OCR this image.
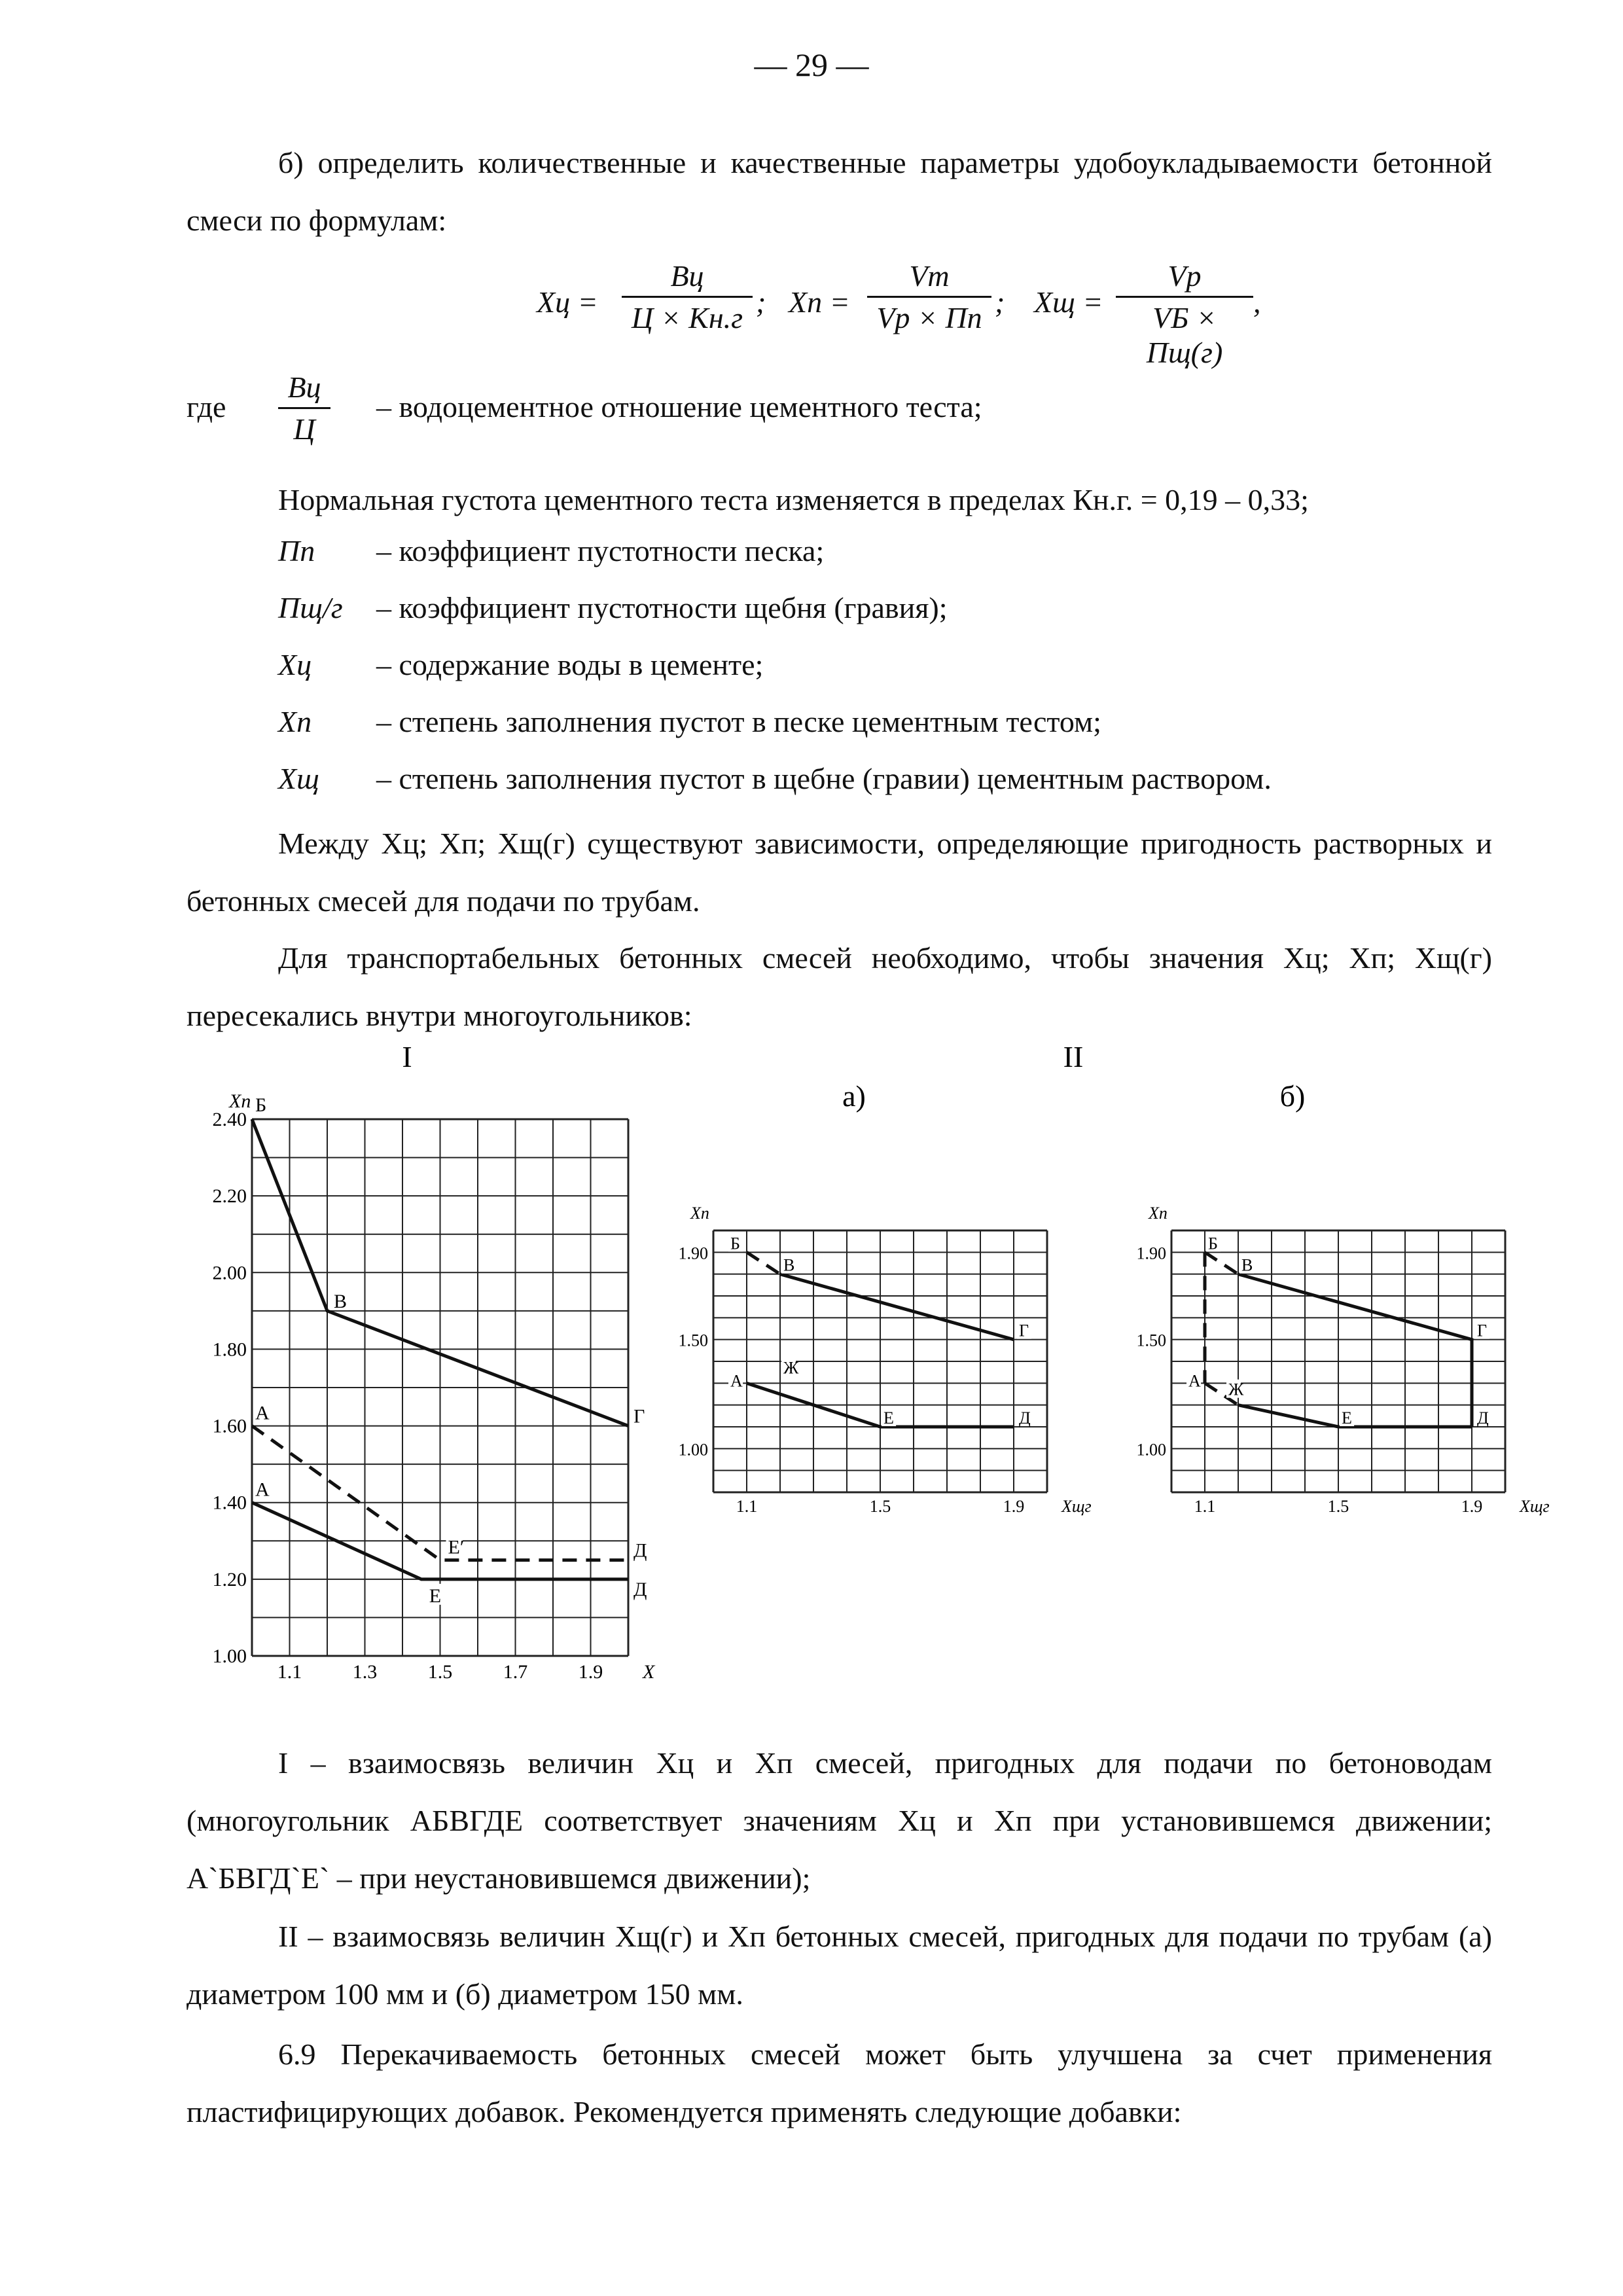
— 29 —
б) определить количественные и качественные параметры удобоукладываемости бетонной смеси по формулам:
Xц =
Bц
Ц × Kн.г ; Xп =
Vт
Vр × Пп ; Xщ =
Vр
VБ × Пщ(г)
,
где
Bц
Ц
– водоцементное отношение цементного теста;
Нормальная густота цементного теста изменяется в пределах Кн.г. = 0,19 – 0,33;
Пп	– коэффициент пустотности песка;
Пщ/г	– коэффициент пустотности щебня (гравия);
Xц	– содержание воды в цементе;
Xп	– степень заполнения пустот в песке цементным тестом;
Xщ	– степень заполнения пустот в щебне (гравии) цементным раствором.
Между Xц; Xп; Xщ(г) существуют зависимости, определяющие пригодность растворных и бетонных смесей для подачи по трубам.
Для транспортабельных бетонных смесей необходимо, чтобы значения Xц; Xп; Xщ(г) пересекались внутри многоугольников:
I	II
а)	б)
1.00
1.20
1.40
1.60
1.80
2.00
2.20
2.40
1.1	1.3	1.5	1.7	1.9
Xп
X
Б
В
Г
А
А
Е′
Е
Д
Д
1.00
1.50
1.90
1.1	1.5	1.9
Xп
Xщг
Б
В
Г
А
Ж
Е	Д
1.00
1.50
1.90
1.1	1.5	1.9
Xп
Xщг
Б
В
Г
А Ж
Е	Д
I – взаимосвязь величин Xц и Xп смесей, пригодных для подачи по бетоноводам (многоугольник АБВГДЕ соответствует значениям Xц и Xп при установившемся движении; А`БВГД`Е` – при неустановившемся движении);
II – взаимосвязь величин Xщ(г) и Xп бетонных смесей, пригодных для подачи по трубам (а) диаметром 100 мм и (б) диаметром 150 мм.
6.9 Перекачиваемость бетонных смесей может быть улучшена за счет применения пластифицирующих добавок. Рекомендуется применять следующие добавки:
